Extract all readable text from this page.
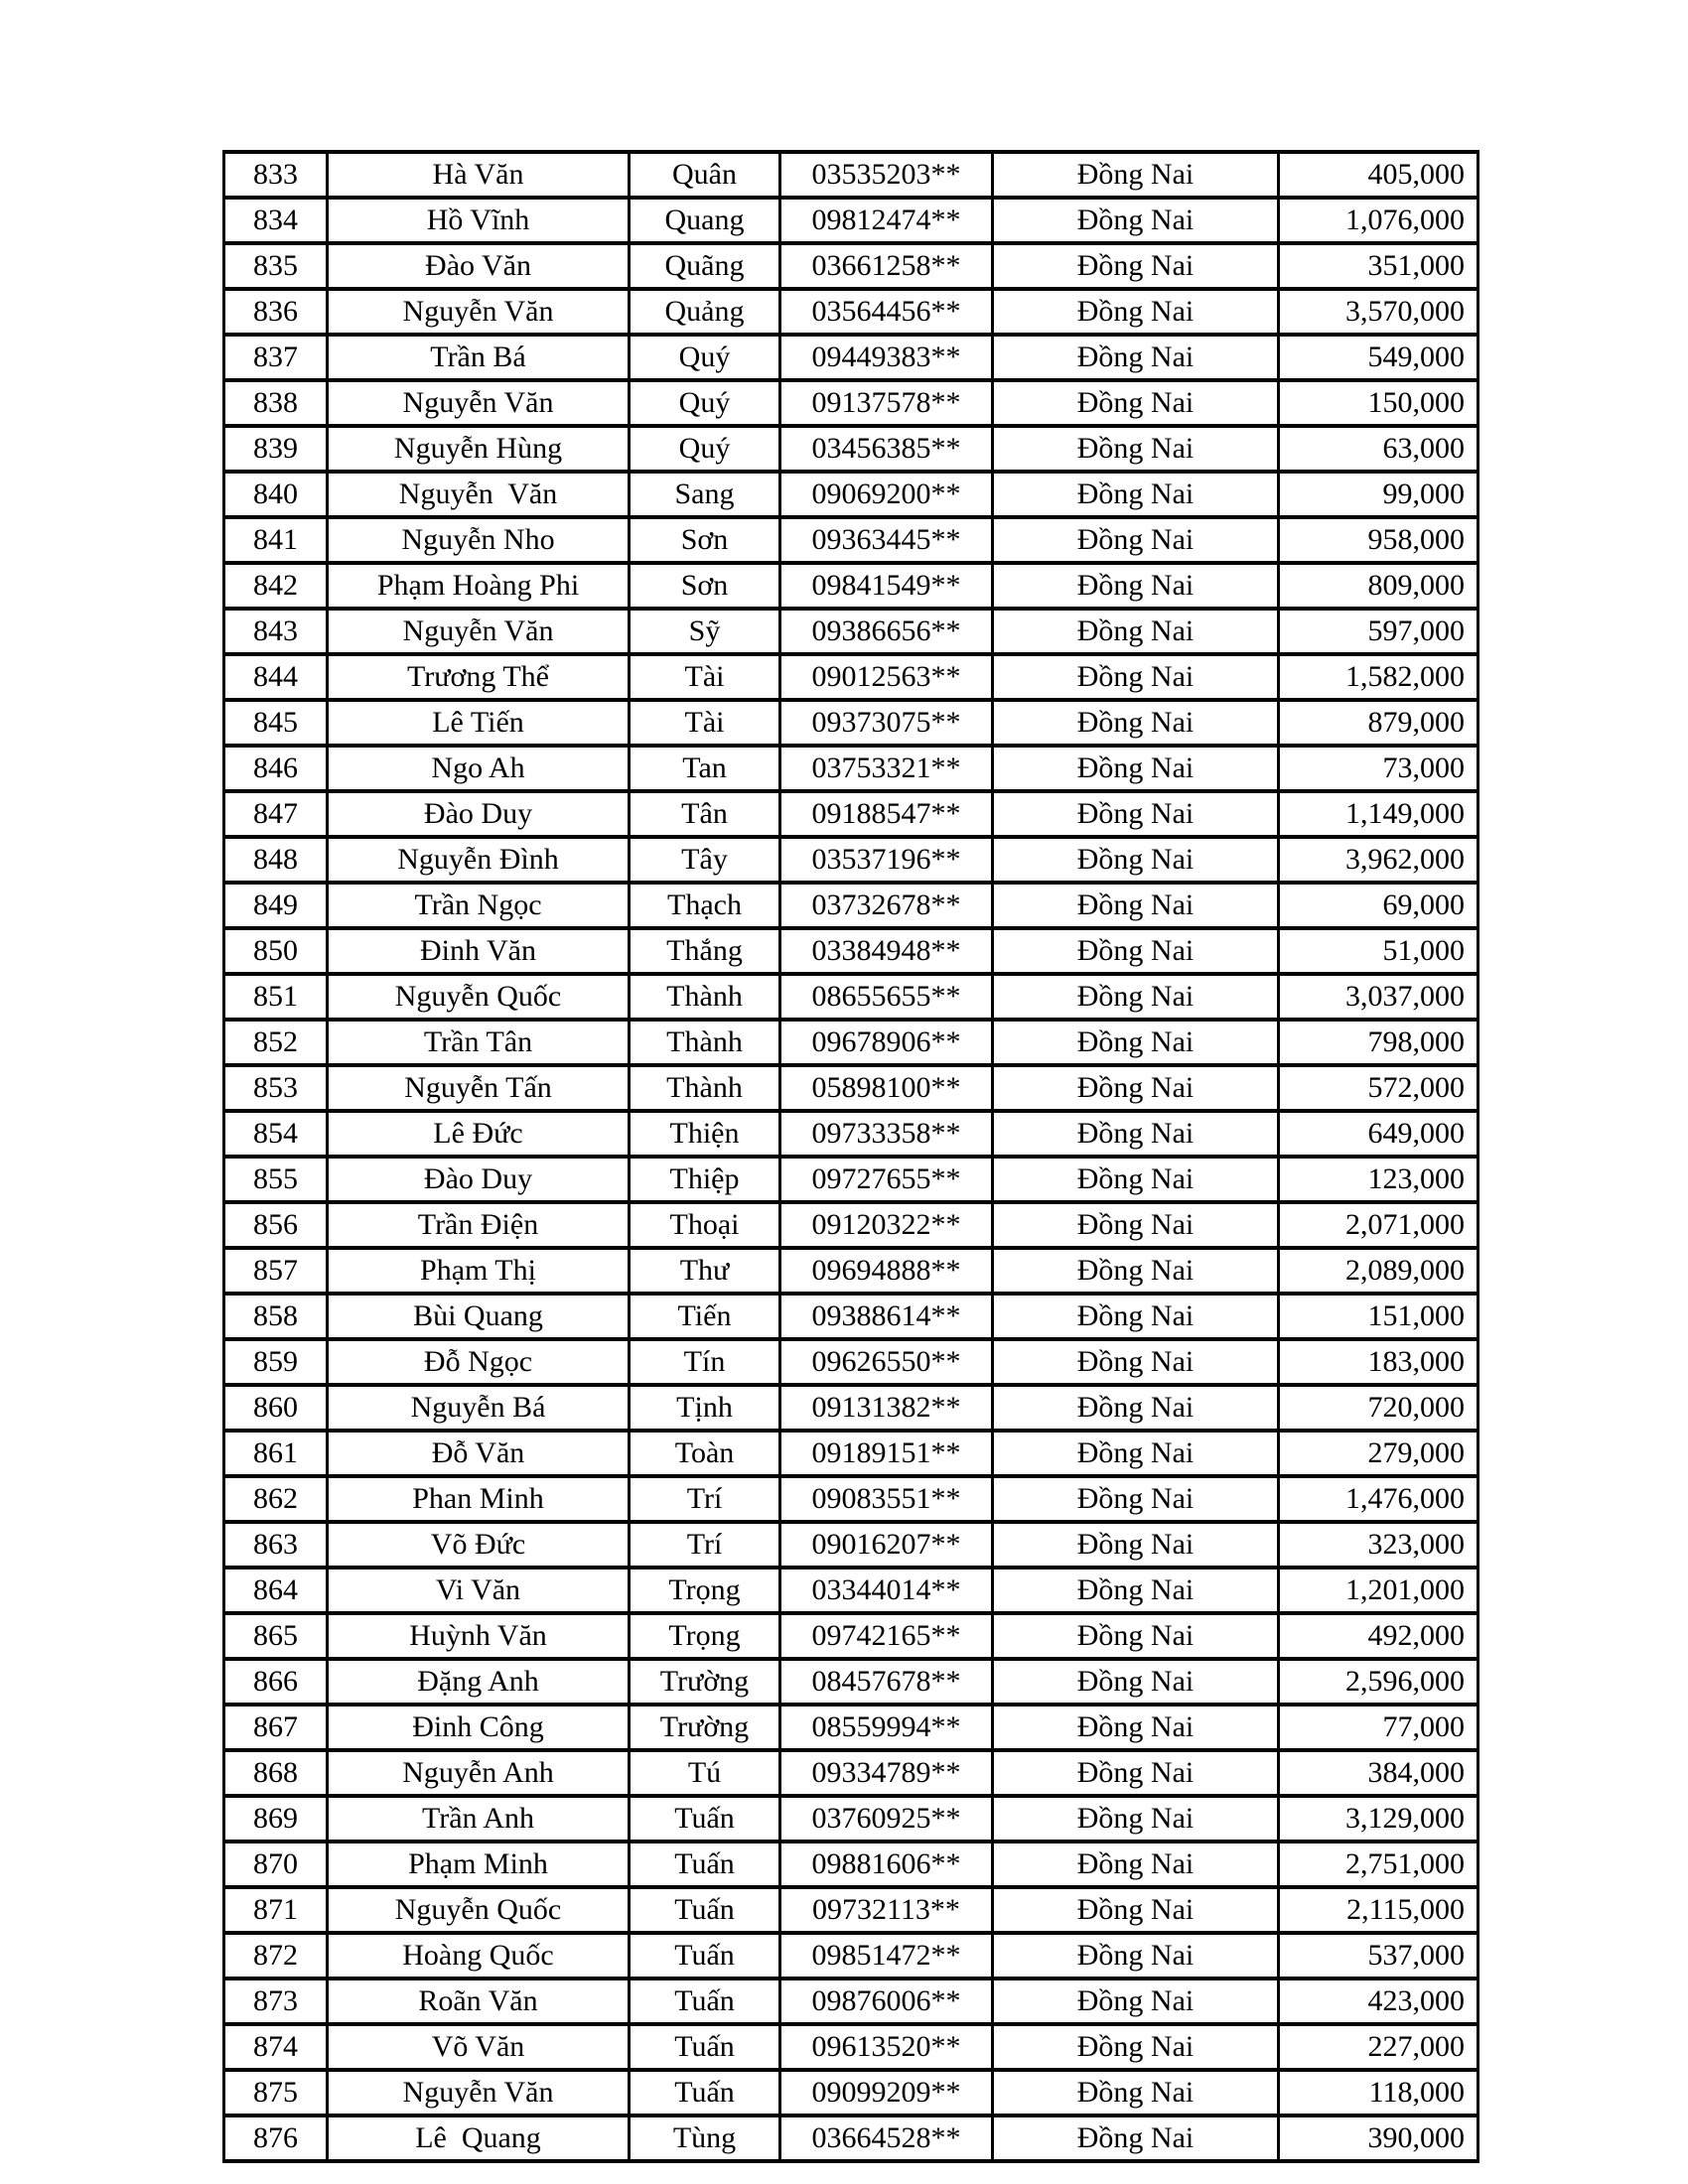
833	Hà Văn	Quân	03535203**	Đồng Nai	405,000
834	Hồ Vĩnh	Quang	09812474**	Đồng Nai	1,076,000
835	Đào Văn	Quãng	03661258**	Đồng Nai	351,000
836	Nguyễn Văn	Quảng	03564456**	Đồng Nai	3,570,000
837	Trần Bá	Quý	09449383**	Đồng Nai	549,000
838	Nguyễn Văn	Quý	09137578**	Đồng Nai	150,000
839	Nguyễn Hùng	Quý	03456385**	Đồng Nai	63,000
840	Nguyễn  Văn	Sang	09069200**	Đồng Nai	99,000
841	Nguyễn Nho	Sơn	09363445**	Đồng Nai	958,000
842	Phạm Hoàng Phi	Sơn	09841549**	Đồng Nai	809,000
843	Nguyễn Văn	Sỹ	09386656**	Đồng Nai	597,000
844	Trương Thể	Tài	09012563**	Đồng Nai	1,582,000
845	Lê Tiến	Tài	09373075**	Đồng Nai	879,000
846	Ngo Ah	Tan	03753321**	Đồng Nai	73,000
847	Đào Duy	Tân	09188547**	Đồng Nai	1,149,000
848	Nguyễn Đình	Tây	03537196**	Đồng Nai	3,962,000
849	Trần Ngọc	Thạch	03732678**	Đồng Nai	69,000
850	Đinh Văn	Thắng	03384948**	Đồng Nai	51,000
851	Nguyễn Quốc	Thành	08655655**	Đồng Nai	3,037,000
852	Trần Tân	Thành	09678906**	Đồng Nai	798,000
853	Nguyễn Tấn	Thành	05898100**	Đồng Nai	572,000
854	Lê Đức	Thiện	09733358**	Đồng Nai	649,000
855	Đào Duy	Thiệp	09727655**	Đồng Nai	123,000
856	Trần Điện	Thoại	09120322**	Đồng Nai	2,071,000
857	Phạm Thị	Thư	09694888**	Đồng Nai	2,089,000
858	Bùi Quang	Tiến	09388614**	Đồng Nai	151,000
859	Đỗ Ngọc	Tín	09626550**	Đồng Nai	183,000
860	Nguyễn Bá	Tịnh	09131382**	Đồng Nai	720,000
861	Đỗ Văn	Toàn	09189151**	Đồng Nai	279,000
862	Phan Minh	Trí	09083551**	Đồng Nai	1,476,000
863	Võ Đức	Trí	09016207**	Đồng Nai	323,000
864	Vi Văn	Trọng	03344014**	Đồng Nai	1,201,000
865	Huỳnh Văn	Trọng	09742165**	Đồng Nai	492,000
866	Đặng Anh	Trường	08457678**	Đồng Nai	2,596,000
867	Đinh Công	Trường	08559994**	Đồng Nai	77,000
868	Nguyễn Anh	Tú	09334789**	Đồng Nai	384,000
869	Trần Anh	Tuấn	03760925**	Đồng Nai	3,129,000
870	Phạm Minh	Tuấn	09881606**	Đồng Nai	2,751,000
871	Nguyễn Quốc	Tuấn	09732113**	Đồng Nai	2,115,000
872	Hoàng Quốc	Tuấn	09851472**	Đồng Nai	537,000
873	Roãn Văn	Tuấn	09876006**	Đồng Nai	423,000
874	Võ Văn	Tuấn	09613520**	Đồng Nai	227,000
875	Nguyễn Văn	Tuấn	09099209**	Đồng Nai	118,000
876	Lê  Quang	Tùng	03664528**	Đồng Nai	390,000
